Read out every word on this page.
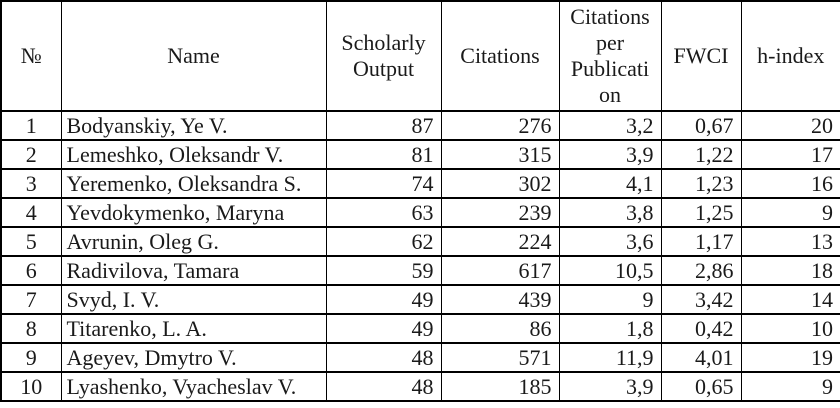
№	Name	Scholarly Output	Citations	Citations per Publication	FWCI	h-index
1	Bodyanskiy, Ye V.	87	276	3,2	0,67	20
2	Lemeshko, Oleksandr V.	81	315	3,9	1,22	17
3	Yeremenko, Oleksandra S.	74	302	4,1	1,23	16
4	Yevdokymenko, Maryna	63	239	3,8	1,25	9
5	Avrunin, Oleg G.	62	224	3,6	1,17	13
6	Radivilova, Tamara	59	617	10,5	2,86	18
7	Svyd, I. V.	49	439	9	3,42	14
8	Titarenko, L. A.	49	86	1,8	0,42	10
9	Ageyev, Dmytro V.	48	571	11,9	4,01	19
10	Lyashenko, Vyacheslav V.	48	185	3,9	0,65	9
